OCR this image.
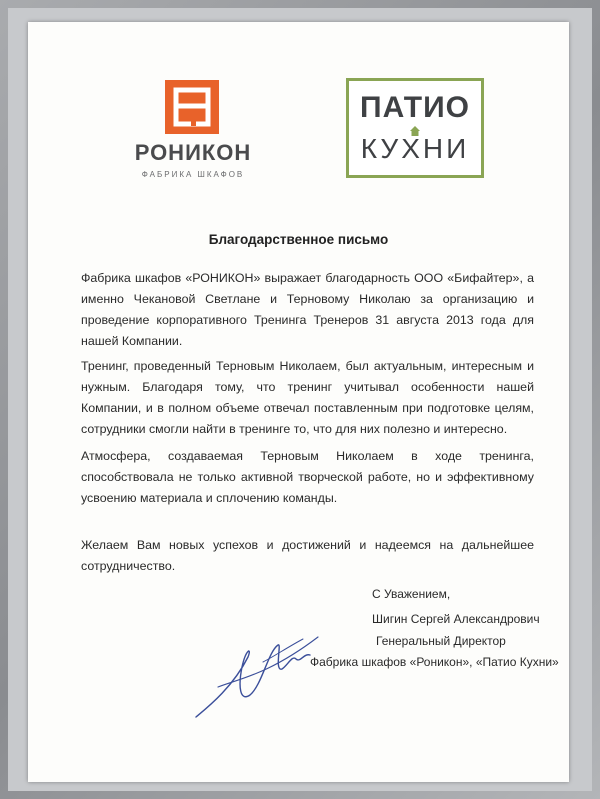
РОНИКОН
ФАБРИКА ШКАФОВ
ПАТИО
КУХНИ
Благодарственное письмо
Фабрика шкафов «РОНИКОН» выражает благодарность ООО «Бифайтер», а именно Чекановой Светлане и Терновому Николаю за организацию и проведение корпоративного Тренинга Тренеров 31 августа 2013 года для нашей Компании.
Тренинг, проведенный Терновым Николаем, был актуальным, интересным и нужным. Благодаря тому, что тренинг учитывал особенности нашей Компании, и в полном объеме отвечал поставленным при подготовке целям, сотрудники смогли найти в тренинге то, что для них полезно и интересно.
Атмосфера, создаваемая Терновым Николаем в ходе тренинга, способствовала не только активной творческой работе, но и эффективному усвоению материала и сплочению команды.
Желаем Вам новых успехов и достижений и надеемся на дальнейшее сотрудничество.
С Уважением,
Шигин Сергей Александрович
Генеральный Директор
Фабрика шкафов «Роникон», «Патио Кухни»
